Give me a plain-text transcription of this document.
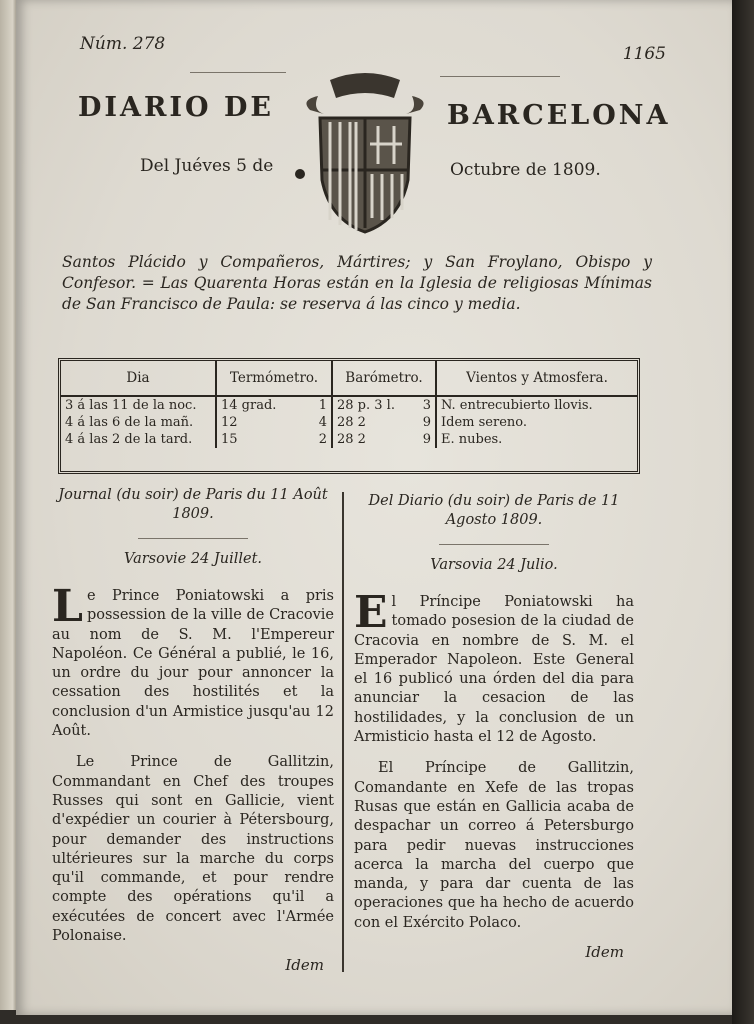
Núm. 278	1165
DIARIO DE	BARCELONA
Del Juéves 5 de	Octubre de 1809.
Santos Plácido y Compañeros, Mártires; y San Froylano, Obispo y Confesor. = Las Quarenta Horas están en la Iglesia de religiosas Mínimas de San Francisco de Paula: se reserva á las cinco y media.
Dia	Termómetro.	Barómetro.	Vientos y Atmosfera.
3 á las 11 de la noc.	14 grad. 1	28 p. 3 l. 3	N. entrecubierto llovis.
4 á las 6 de la mañ.	12 4	28 2 9	Idem sereno.
4 á las 2 de la tard.	15 2	28 2 9	E. nubes.
Journal (du soir) de Paris du 11 Août 1809.
Varsovie 24 Juillet.

Le Prince Poniatowski a pris possession de la ville de Cracovie au nom de S. M. l'Empereur Napoléon. Ce Général a publié, le 16, un ordre du jour pour annoncer la cessation des hostilités et la conclusion d'un Armistice jusqu'au 12 Août.

Le Prince de Gallitzin, Commandant en Chef des troupes Russes qui sont en Gallicie, vient d'expédier un courier à Pétersbourg, pour demander des instructions ultérieures sur la marche du corps qu'il commande, et pour rendre compte des opérations qu'il a exécutées de concert avec l'Armée Polonaise.

Idem
Del Diario (du soir) de Paris de 11 Agosto 1809.
Varsovia 24 Julio.

El Príncipe Poniatowski ha tomado posesion de la ciudad de Cracovia en nombre de S. M. el Emperador Napoleon. Este General el 16 publicó una órden del dia para anunciar la cesacion de las hostilidades, y la conclusion de un Armisticio hasta el 12 de Agosto.

El Príncipe de Gallitzin, Comandante en Xefe de las tropas Rusas que están en Gallicia acaba de despachar un correo á Petersburgo para pedir nuevas instrucciones acerca la marcha del cuerpo que manda, y para dar cuenta de las operaciones que ha hecho de acuerdo con el Exército Polaco.

Idem
